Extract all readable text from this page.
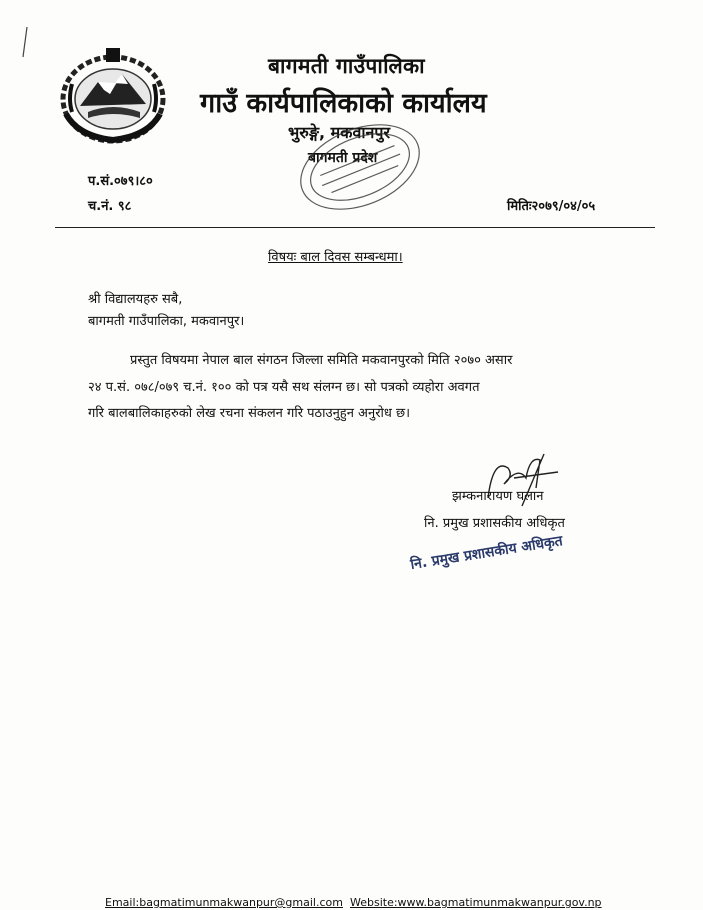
बागमती गाउँपालिका
गाउँ कार्यपालिकाको कार्यालय
भुरुङ्गे, मकवानपुर
बागमती प्रदेश
प.सं.०७९।८०
च.नं. ९८	मितिः२०७९/०४/०५
विषयः बाल दिवस सम्बन्धमा।
श्री विद्यालयहरु सबै,
बागमती गाउँपालिका, मकवानपुर।
प्रस्तुत विषयमा नेपाल बाल संगठन जिल्ला समिति मकवानपुरको मिति २०७० असार
२४ प.सं. ०७८/०७९ च.नं. १०० को पत्र यसै सथ संलग्न छ। सो पत्रको व्यहोरा अवगत
गरि बालबालिकाहरुको लेख रचना संकलन गरि पठाउनुहुन अनुरोध छ।
झम्कनारायण घलान
नि. प्रमुख प्रशासकीय अधिकृत
नि. प्रमुख प्रशासकीय अधिकृत
Email:bagmatimunmakwanpur@gmail.com Website:www.bagmatimunmakwanpur.gov.np
